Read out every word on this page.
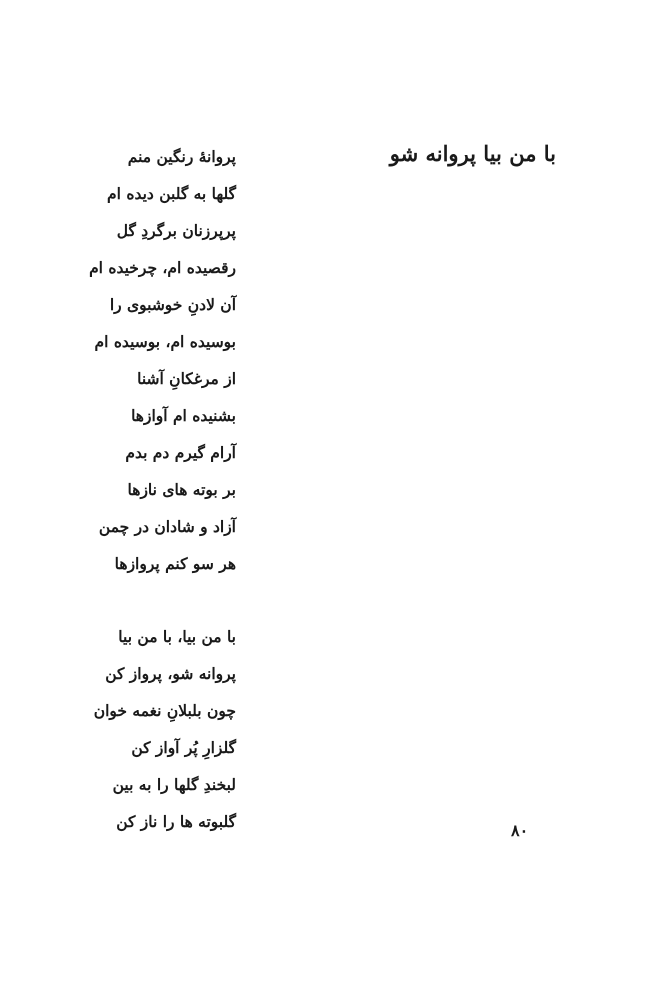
با من بیا پروانه شو
پروانهٔ رنگین منم
گلها به گلبن دیده ام
پرپرزنان برگردِ گل
رقصیده ام، چرخیده ام
آن لادنِ خوشبوی را
بوسیده ام، بوسیده ام
از مرغکانِ آشنا
بشنیده ام آوازها
آرام گیرم دم بدم
بر بوته های نازها
آزاد و شادان در چمن
هر سو کنم پروازها
با من بیا، با من بیا
پروانه شو، پرواز کن
چون بلبلانِ نغمه خوان
گلزارِ پُر آواز کن
لبخندِ گلها را به بین
گلبوته ها را ناز کن	۸۰
